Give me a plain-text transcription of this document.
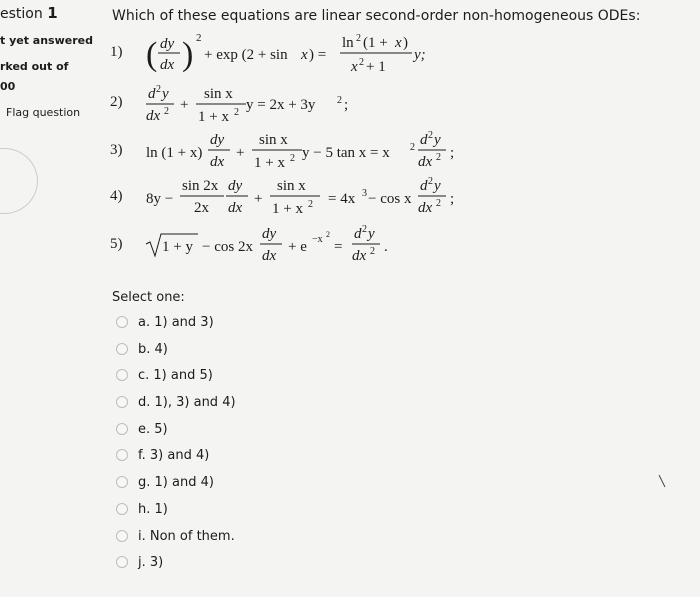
estion 1
t yet answered
rked out of
00
Flag question
Which of these equations are linear second-order non-homogeneous ODEs:
1) ( dy
dx ) 2
+ exp (2 + sin x ) =
ln 2 (1 + x )
x 2 + 1
y;
2) d 2 y
dx 2 +
sin x
1 + x 2 y = 2x + 3y 2 ;
3) ln (1 + x)
dy
dx
+
sin x
1 + x 2 y − 5 tan x = x 2 d 2 y
dx 2 ;
4) 8y −
sin 2x
2x
dy
dx
+
sin x
1 + x 2 = 4x 3 − cos x
d 2 y
dx 2 ;
5)	1 + y − cos 2x
dy
dx
+ e −x 2
=
d 2 y
dx 2 .
Select one:
a. 1) and 3)
b. 4)
c. 1) and 5)
d. 1), 3) and 4)
e. 5)
f. 3) and 4)
g. 1) and 4)
h. 1)
i. Non of them.
j. 3)
